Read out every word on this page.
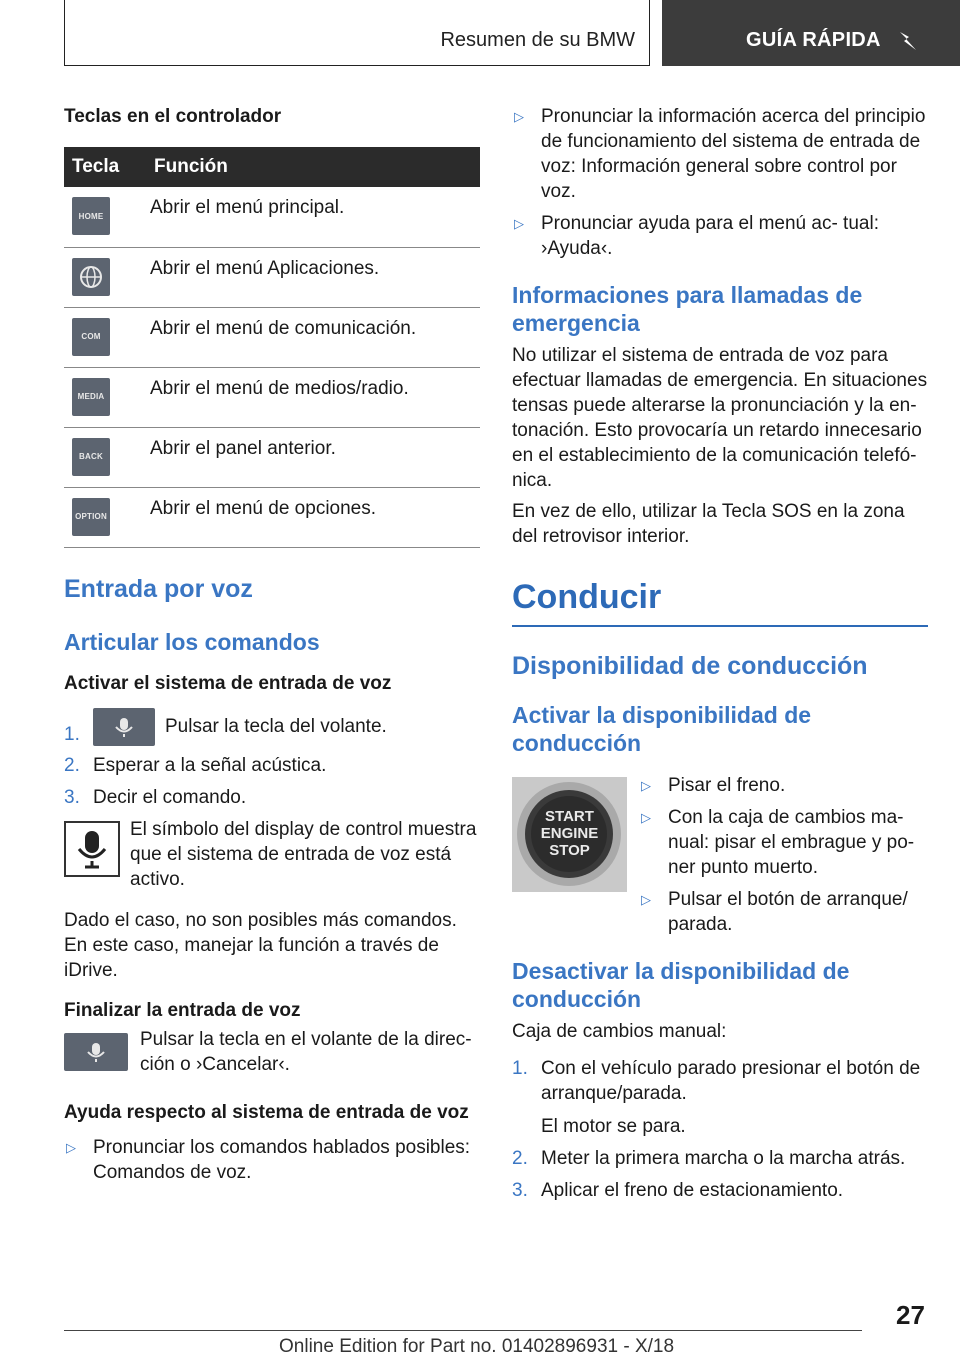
Resumen de su BMW	GUÍA RÁPIDA
Teclas en el controlador
Tecla	Función

HOME	Abrir el menú principal.

	Abrir el menú Aplicaciones.

COM	Abrir el menú de comunicación.

MEDIA	Abrir el menú de medios/radio.

BACK	Abrir el panel anterior.

OPTION	Abrir el menú de opciones.
Entrada por voz
Articular los comandos
Activar el sistema de entrada de voz
1.	Pulsar la tecla del volante.
2. Esperar a la señal acústica.
3. Decir el comando.

El símbolo del display de control muestra que el sistema de entrada de voz está activo.

Dado el caso, no son posibles más comandos. En este caso, manejar la función a través de iDrive.

Finalizar la entrada de voz

Pulsar la tecla en el volante de la direc‐ ción o ›Cancelar‹.

Ayuda respecto al sistema de entrada de voz
▷ Pronunciar los comandos hablados posibles: Comandos de voz.
▷ Pronunciar la información acerca del principio de funcionamiento del sistema de entrada de voz: Información general sobre control por voz.
▷ Pronunciar ayuda para el menú ac‐ tual: ›Ayuda‹.
Informaciones para llamadas de emergencia

No utilizar el sistema de entrada de voz para efectuar llamadas de emergencia. En situaciones tensas puede alterarse la pronunciación y la en‐ tonación. Esto provocaría un retardo innecesario en el establecimiento de la comunicación telefó‐ nica.

En vez de ello, utilizar la Tecla SOS en la zona del retrovisor interior.

Conducir
Disponibilidad de conducción
Activar la disponibilidad de conducción
START
ENGINE
STOP
▷ Pisar el freno.
▷ Con la caja de cambios ma‐ nual: pisar el embrague y po‐ ner punto muerto.
▷ Pulsar el botón de arranque/ parada.
Desactivar la disponibilidad de conducción

Caja de cambios manual:

1. Con el vehículo parado presionar el botón de arranque/parada.
El motor se para.
2. Meter la primera marcha o la marcha atrás.
3. Aplicar el freno de estacionamiento.
27
Online Edition for Part no. 01402896931 - X/18
